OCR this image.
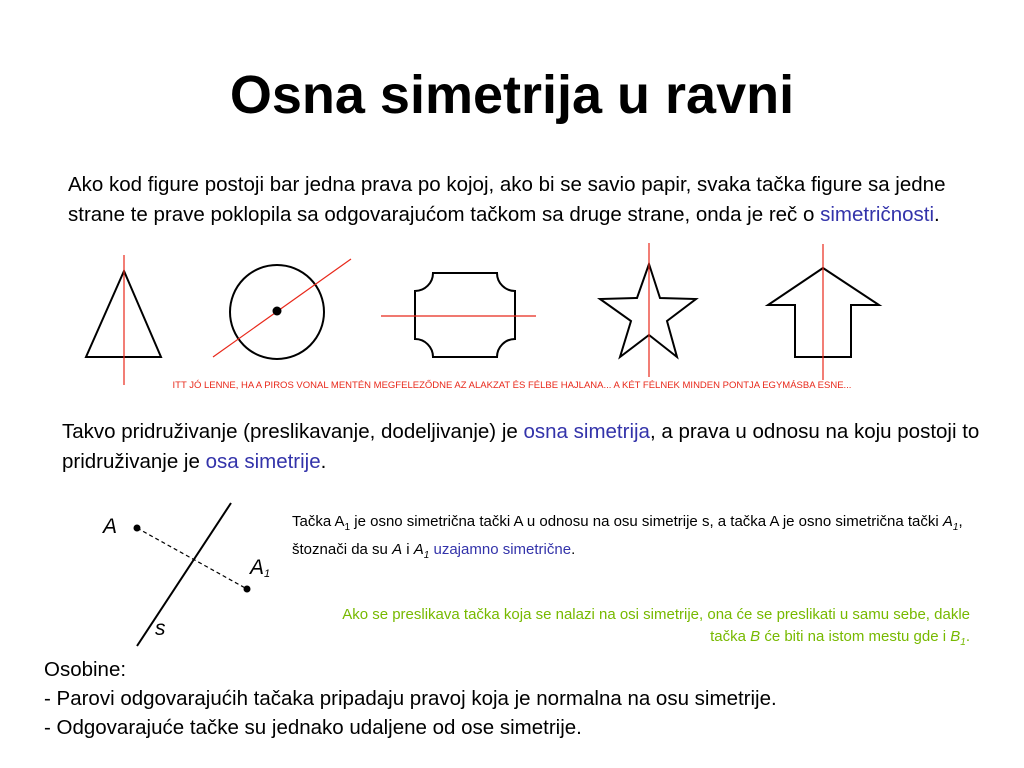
Osna simetrija u ravni
Ako kod figure postoji bar jedna prava po kojoj, ako bi se savio papir, svaka tačka figure sa jedne strane te prave poklopila sa odgovarajućom tačkom sa druge strane, onda je reč o simetričnosti.
A
A1
s
ITT JÓ LENNE, HA A PIROS VONAL MENTÉN MEGFELEZŐDNE AZ ALAKZAT ÉS FÉLBE HAJLANA... A KÉT FÉLNEK MINDEN PONTJA EGYMÁSBA ESNE...
Takvo pridruživanje (preslikavanje, dodeljivanje) je osna simetrija, a prava u odnosu na koju postoji to pridruživanje je osa simetrije.
Tačka $A_1$ je osno simetrična tački A u odnosu na osu simetrije s, a tačka A je osno simetrična tački $A_1$, štoznači da su A i $A_1$ uzajamno simetrične.
Ako se preslikava tačka koja se nalazi na osi simetrije, ona će se preslikati u samu sebe, dakle tačka B će biti na istom mestu gde i $B_1$.
Osobine:
- Parovi odgovarajućih tačaka pripadaju pravoj koja je normalna na osu simetrije.
- Odgovarajuće tačke su jednako udaljene od ose simetrije.
